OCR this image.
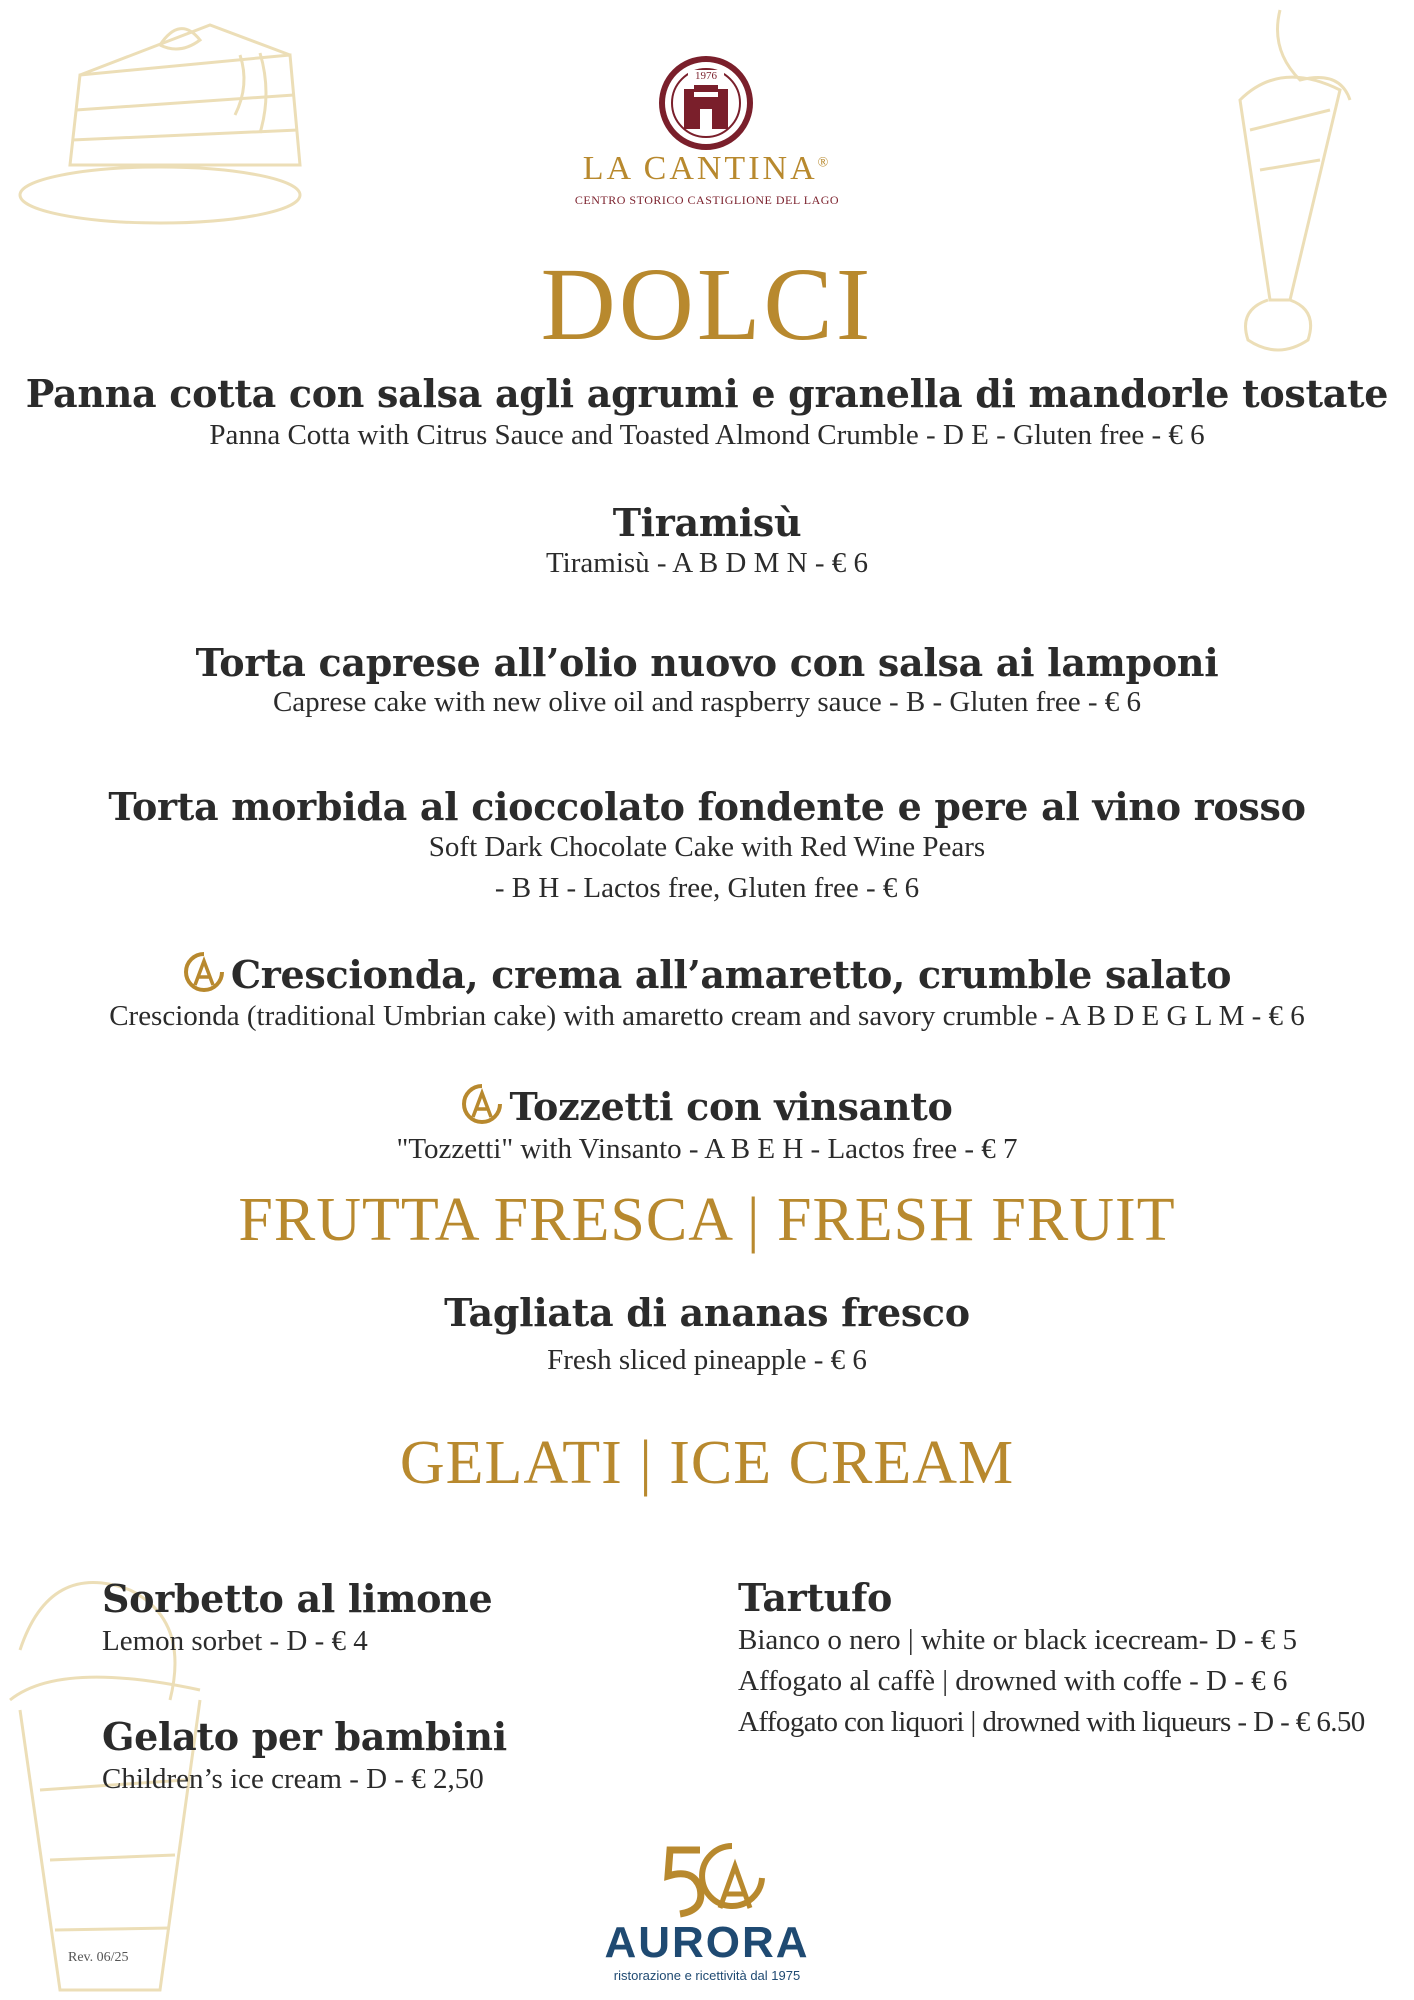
1976
LA CANTINA®
CENTRO STORICO CASTIGLIONE DEL LAGO
DOLCI
Panna cotta con salsa agli agrumi e granella di mandorle tostate
Panna Cotta with Citrus Sauce and Toasted Almond Crumble - D E - Gluten free - € 6
Tiramisù
Tiramisù - A B D M N - € 6
Torta caprese all’olio nuovo con salsa ai lamponi
Caprese cake with new olive oil and raspberry sauce - B - Gluten free - € 6
Torta morbida al cioccolato fondente e pere al vino rosso
Soft Dark Chocolate Cake with Red Wine Pears
- B H - Lactos free, Gluten free - € 6
Crescionda, crema all’amaretto, crumble salato
Crescionda (traditional Umbrian cake) with amaretto cream and savory crumble - A B D E G L M - € 6
Tozzetti con vinsanto
"Tozzetti" with Vinsanto - A B E H - Lactos free - € 7
FRUTTA FRESCA | FRESH FRUIT
Tagliata di ananas fresco
Fresh sliced pineapple - € 6
GELATI | ICE CREAM
Sorbetto al limone
Lemon sorbet - D - € 4
Gelato per bambini
Children’s ice cream - D - € 2,50
Tartufo
Bianco o nero | white or black icecream- D - € 5
Affogato al caffè | drowned with coffe - D - € 6
Affogato con liquori | drowned with liqueurs - D - € 6.50
Rev. 06/25	AURORA
ristorazione e ricettività dal 1975
